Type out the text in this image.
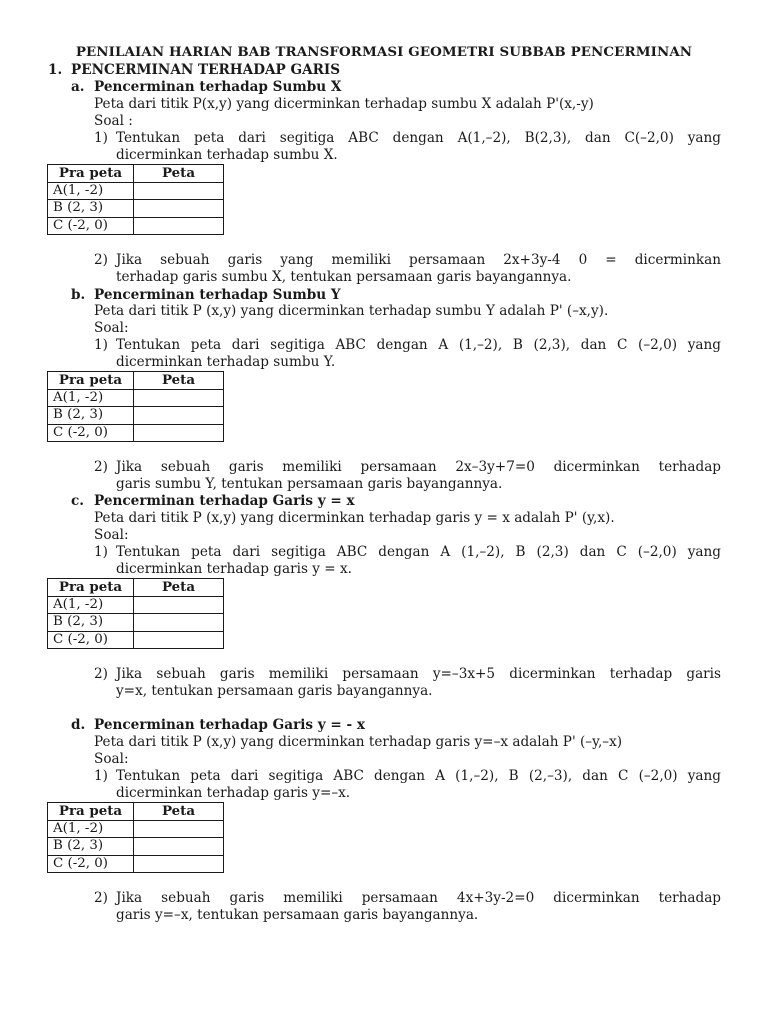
PENILAIAN HARIAN BAB TRANSFORMASI GEOMETRI SUBBAB PENCERMINAN
1. PENCERMINAN TERHADAP GARIS
a. Pencerminan terhadap Sumbu X
Peta dari titik P(x,y) yang dicerminkan terhadap sumbu X adalah P'(x,-y)
Soal :
1) Tentukan peta dari segitiga ABC dengan A(1,–2), B(2,3), dan C(–2,0) yang
dicerminkan terhadap sumbu X.
Pra peta	Peta
A(1, -2)	
B (2, 3)	
C (-2, 0)	
2) Jika sebuah garis yang memiliki persamaan 2x+3y-4 0 = dicerminkan
terhadap garis sumbu X, tentukan persamaan garis bayangannya.
b. Pencerminan terhadap Sumbu Y
Peta dari titik P (x,y) yang dicerminkan terhadap sumbu Y adalah P' (–x,y).
Soal:
1) Tentukan peta dari segitiga ABC dengan A (1,–2), B (2,3), dan C (–2,0) yang
dicerminkan terhadap sumbu Y.
Pra peta	Peta
A(1, -2)	
B (2, 3)	
C (-2, 0)	
2) Jika sebuah garis memiliki persamaan 2x–3y+7=0 dicerminkan terhadap
garis sumbu Y, tentukan persamaan garis bayangannya.
c. Pencerminan terhadap Garis y = x
Peta dari titik P (x,y) yang dicerminkan terhadap garis y = x adalah P' (y,x).
Soal:
1) Tentukan peta dari segitiga ABC dengan A (1,–2), B (2,3) dan C (–2,0) yang
dicerminkan terhadap garis y = x.
Pra peta	Peta
A(1, -2)	
B (2, 3)	
C (-2, 0)	
2) Jika sebuah garis memiliki persamaan y=–3x+5 dicerminkan terhadap garis
y=x, tentukan persamaan garis bayangannya.
d. Pencerminan terhadap Garis y = - x
Peta dari titik P (x,y) yang dicerminkan terhadap garis y=–x adalah P' (–y,–x)
Soal:
1) Tentukan peta dari segitiga ABC dengan A (1,–2), B (2,–3), dan C (–2,0) yang
dicerminkan terhadap garis y=–x.
Pra peta	Peta
A(1, -2)	
B (2, 3)	
C (-2, 0)	
2) Jika sebuah garis memiliki persamaan 4x+3y-2=0 dicerminkan terhadap
garis y=–x, tentukan persamaan garis bayangannya.
